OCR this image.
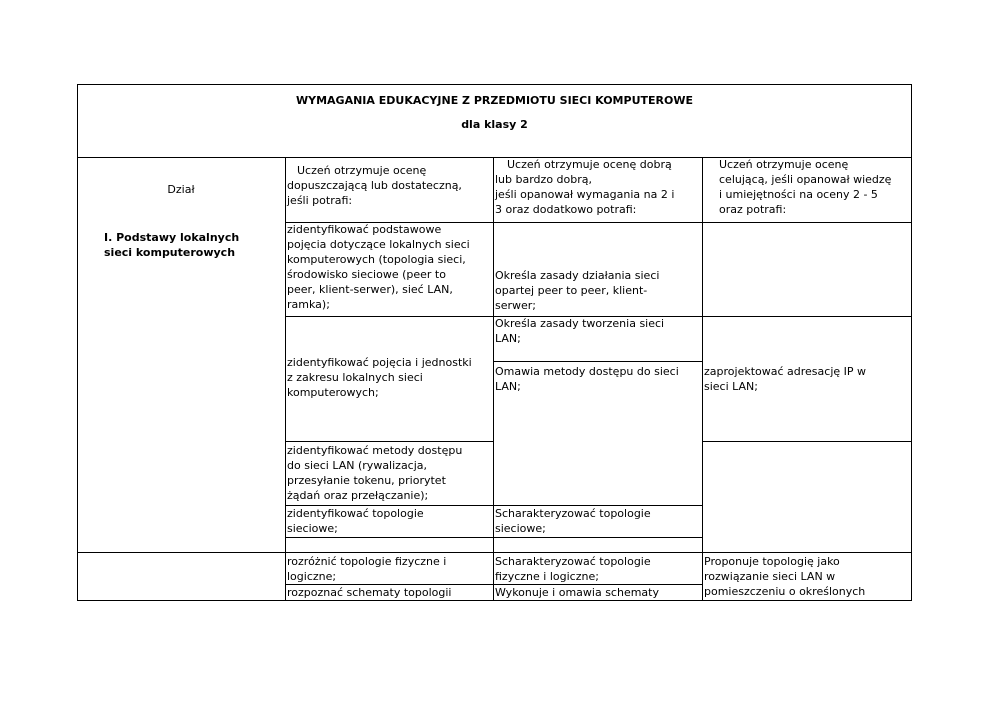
WYMAGANIA EDUKACYJNE Z PRZEDMIOTU SIECI KOMPUTEROWE
dla klasy 2
Dział
Uczeń otrzymuje ocenę
dopuszczającą lub dostateczną,
jeśli potrafi:
Uczeń otrzymuje ocenę dobrą
lub bardzo dobrą,
jeśli opanował wymagania na 2 i
3 oraz dodatkowo potrafi:
Uczeń otrzymuje ocenę
celującą, jeśli opanował wiedzę
i umiejętności na oceny 2 - 5
oraz potrafi:
I. Podstawy lokalnych
sieci komputerowych
zidentyfikować podstawowe
pojęcia dotyczące lokalnych sieci
komputerowych (topologia sieci,
środowisko sieciowe (peer to
peer, klient-serwer), sieć LAN,
ramka);
Określa zasady działania sieci
opartej peer to peer, klient-
serwer;
zidentyfikować pojęcia i jednostki
z zakresu lokalnych sieci
komputerowych;
Określa zasady tworzenia sieci
LAN;
Omawia metody dostępu do sieci
LAN;
zaprojektować adresację IP w
sieci LAN;
zidentyfikować metody dostępu
do sieci LAN (rywalizacja,
przesyłanie tokenu, priorytet
żądań oraz przełączanie);
zidentyfikować topologie
sieciowe;
Scharakteryzować topologie
sieciowe;
rozróżnić topologie fizyczne i
logiczne;
Scharakteryzować topologie
fizyczne i logiczne;
rozpoznać schematy topologii	Wykonuje i omawia schematy
Proponuje topologię jako
rozwiązanie sieci LAN w
pomieszczeniu o określonych
